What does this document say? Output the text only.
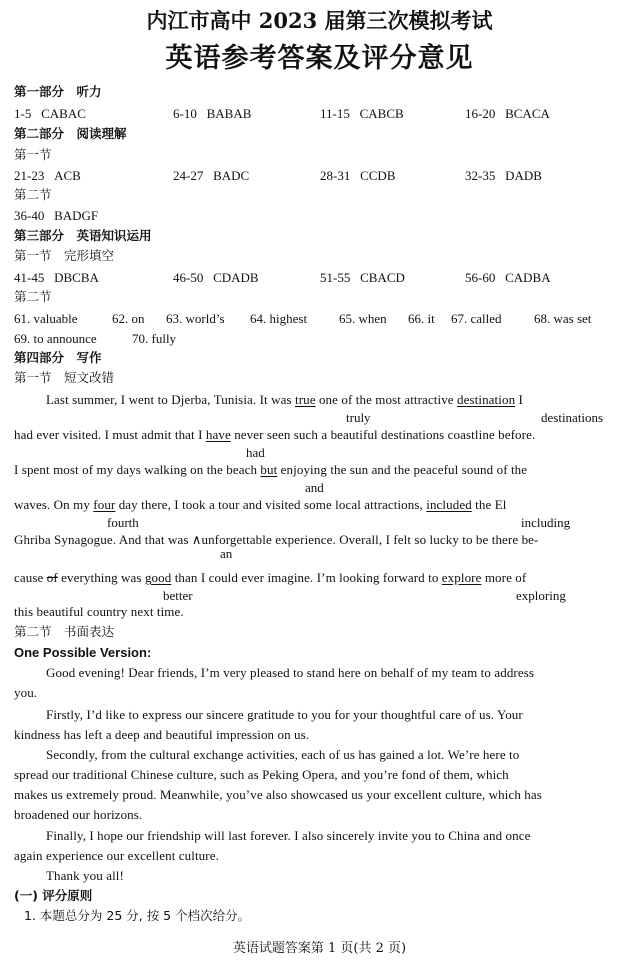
内江市高中 2023 届第三次模拟考试
英语参考答案及评分意见
第一部分　听力
1-5 CABAC	6-10 BABAB	11-15 CABCB	16-20 BCACA
第二部分　阅读理解
第一节
21-23 ACB	24-27 BADC	28-31 CCDB	32-35 DADB
第二节
36-40 BADGF
第三部分　英语知识运用
第一节　完形填空
41-45 DBCBA	46-50 CDADB	51-55 CBACD	56-60 CADBA
第二节
61. valuable	62. on 63. world’s 64. highest 65. when 66. it 67. called 68. was set
69. to announce	70. fully
第四部分　写作
第一节　短文改错
Last summer, I went to Djerba, Tunisia. It was true one of the most attractive destination I
truly	destinations
had ever visited. I must admit that I have never seen such a beautiful destinations coastline before.
had
I spent most of my days walking on the beach but enjoying the sun and the peaceful sound of the
and
waves. On my four day there, I took a tour and visited some local attractions, included the El
fourth	including
Ghriba Synagogue. And that was ∧unforgettable experience. Overall, I felt so lucky to be there be-
an
cause of everything was good than I could ever imagine. I’m looking forward to explore more of
better	exploring
this beautiful country next time.
第二节　书面表达
One Possible Version:
Good evening! Dear friends, I’m very pleased to stand here on behalf of my team to address
you.
Firstly, I’d like to express our sincere gratitude to you for your thoughtful care of us. Your
kindness has left a deep and beautiful impression on us.
Secondly, from the cultural exchange activities, each of us has gained a lot. We’re here to
spread our traditional Chinese culture, such as Peking Opera, and you’re fond of them, which
makes us extremely proud. Meanwhile, you’ve also showcased us your excellent culture, which has
broadened our horizons.
Finally, I hope our friendship will last forever. I also sincerely invite you to China and once
again experience our excellent culture.
Thank you all!
(一) 评分原则
1. 本题总分为 25 分, 按 5 个档次给分。
英语试题答案第 1 页(共 2 页)
